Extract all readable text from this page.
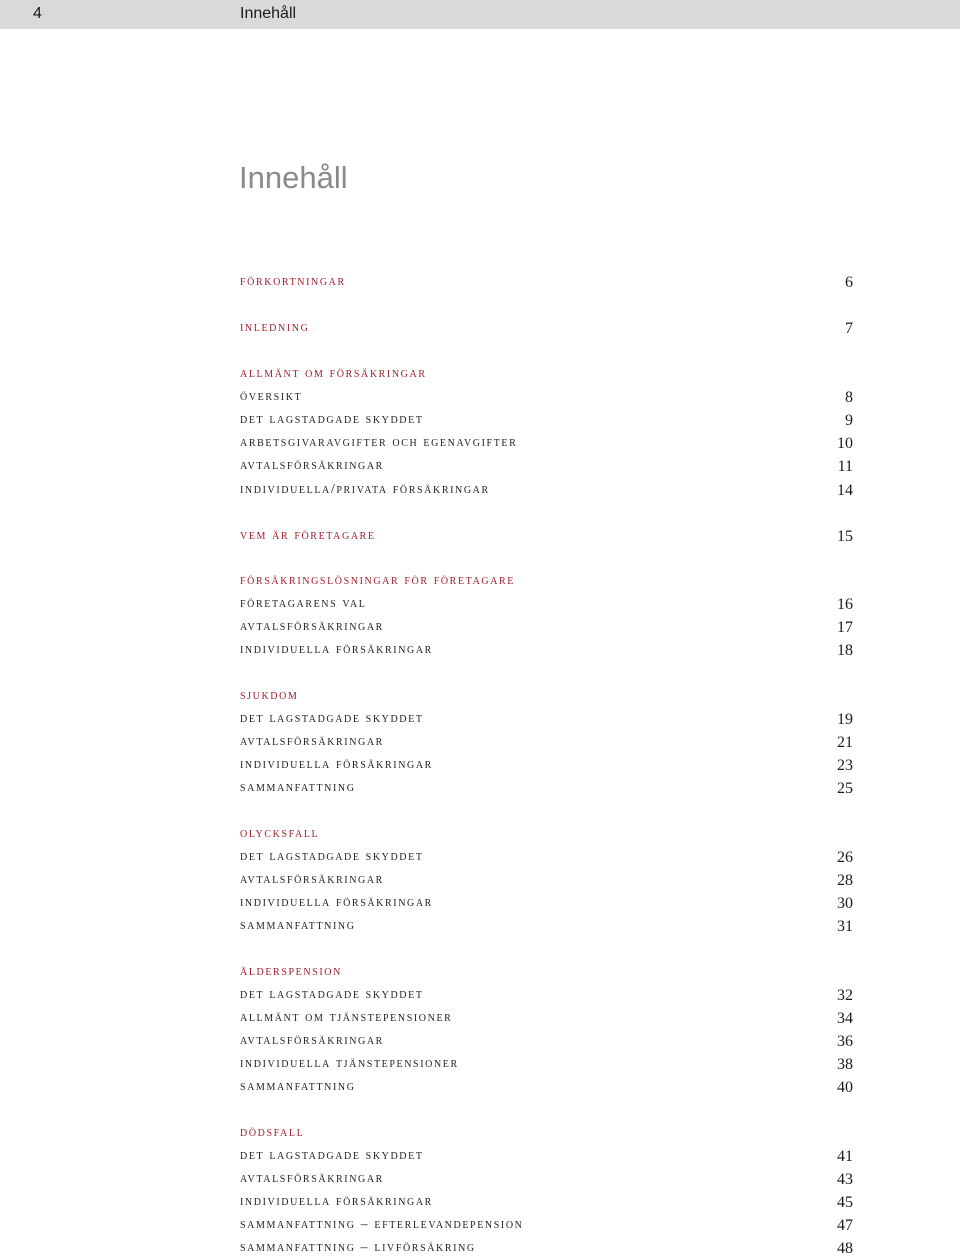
4	Innehåll
Innehåll
förkortningar	6
inledning	7
allmänt om försäkringar
översikt	8
det lagstadgade skyddet	9
arbetsgivaravgifter och egenavgifter	10
avtalsförsäkringar	11
individuella/privata försäkringar	14
vem är företagare	15
försäkringslösningar för företagare
företagarens val	16
avtalsförsäkringar	17
individuella försäkringar	18
sjukdom
det lagstadgade skyddet	19
avtalsförsäkringar	21
individuella försäkringar	23
sammanfattning	25
olycksfall
det lagstadgade skyddet	26
avtalsförsäkringar	28
individuella försäkringar	30
sammanfattning	31
ålderspension
det lagstadgade skyddet	32
allmänt om tjänstepensioner	34
avtalsförsäkringar	36
individuella tjänstepensioner	38
sammanfattning	40
dödsfall
det lagstadgade skyddet	41
avtalsförsäkringar	43
individuella försäkringar	45
sammanfattning – efterlevandepension	47
sammanfattning – livförsäkring	48
